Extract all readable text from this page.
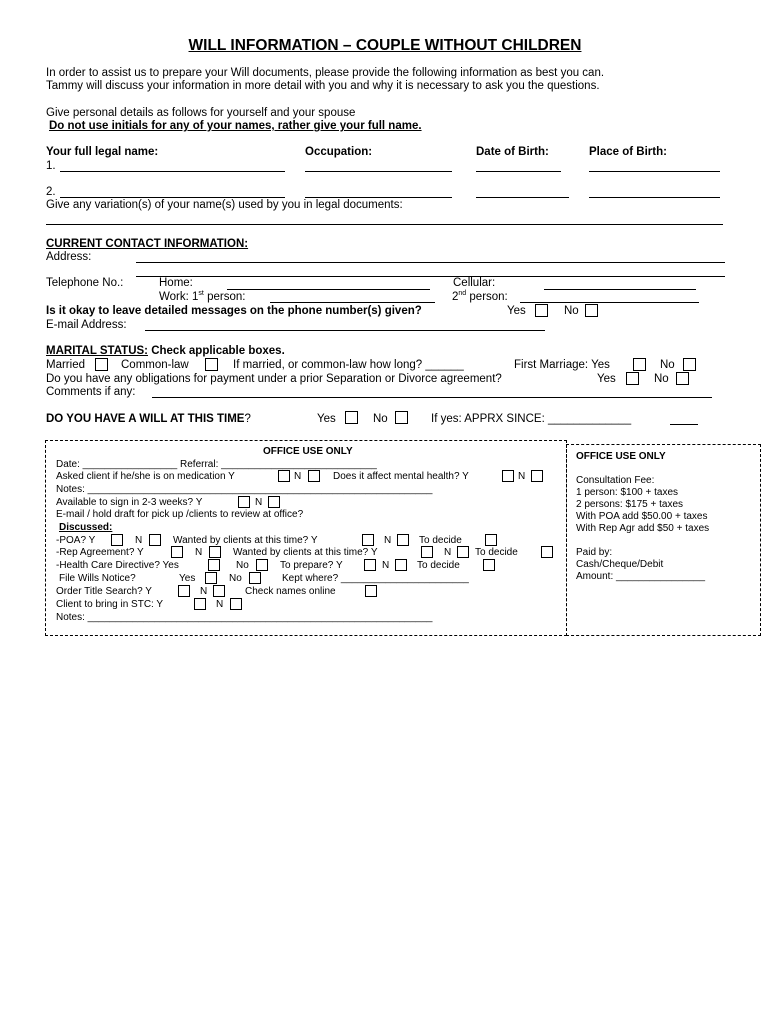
WILL INFORMATION – COUPLE WITHOUT CHILDREN
In order to assist us to prepare your Will documents, please provide the following information as best you can.
Tammy will discuss your information in more detail with you and why it is necessary to ask you the questions.
Give personal details as follows for yourself and your spouse
Do not use initials for any of your names, rather give your full name.
Your full legal name:	Occupation:	Date of Birth:	Place of Birth:
1.
2.
Give any variation(s) of your name(s) used by you in legal documents:
CURRENT CONTACT INFORMATION:
Address:
Telephone No.:	Home:	Cellular:
Work: 1st person:	2nd person:
Is it okay to leave detailed messages on the phone number(s) given?	Yes	No
E-mail Address:
MARITAL STATUS: Check applicable boxes.
Married	Common-law	If married, or common-law how long? ______	First Marriage: Yes	No
Do you have any obligations for payment under a prior Separation or Divorce agreement?	Yes	No
Comments if any:
DO YOU HAVE A WILL AT THIS TIME?	Yes	No	If yes: APPRX SINCE: _____________
OFFICE USE ONLY
Date: _________________ Referral: ____________________________
Asked client if he/she is on medication Y	N	Does it affect mental health? Y	N
Notes: ______________________________________________________________
Available to sign in 2-3 weeks? Y	N
E-mail / hold draft for pick up /clients to review at office?
Discussed:
-POA? Y	N	Wanted by clients at this time? Y	N	To decide
-Rep Agreement? Y	N	Wanted by clients at this time? Y	N To decide
-Health Care Directive? Yes	No	To prepare? Y	N	To decide
File Wills Notice?	Yes	No	Kept where? _______________________
Order Title Search? Y	N	Check names online
Client to bring in STC: Y	N
Notes: ______________________________________________________________
OFFICE USE ONLY
Consultation Fee:
1 person: $100 + taxes
2 persons: $175 + taxes
With POA add $50.00 + taxes
With Rep Agr add $50 + taxes
Paid by:
Cash/Cheque/Debit
Amount: ________________
